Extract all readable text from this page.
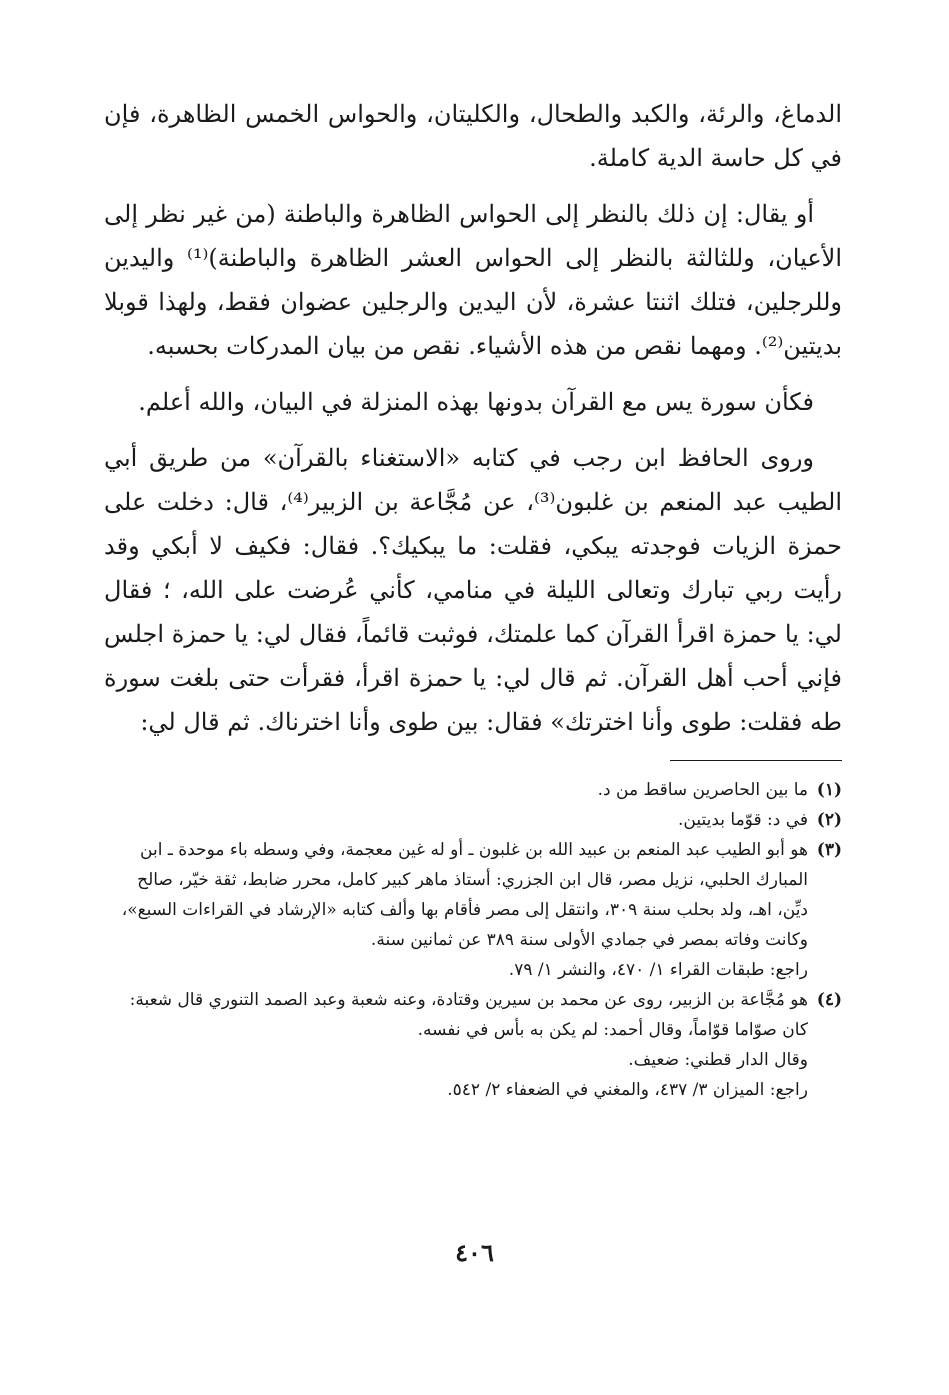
الدماغ، والرئة، والكبد والطحال، والكليتان، والحواس الخمس الظاهرة، فإن في كل حاسة الدية كاملة.

أو يقال: إن ذلك بالنظر إلى الحواس الظاهرة والباطنة (من غير نظر إلى الأعيان، وللثالثة بالنظر إلى الحواس العشر الظاهرة والباطنة)⁽¹⁾ واليدين وللرجلين، فتلك اثنتا عشرة، لأن اليدين والرجلين عضوان فقط، ولهذا قوبلا بديتين⁽²⁾. ومهما نقص من هذه الأشياء. نقص من بيان المدركات بحسبه.

فكأن سورة يس مع القرآن بدونها بهذه المنزلة في البيان، والله أعلم.

وروى الحافظ ابن رجب في كتابه «الاستغناء بالقرآن» من طريق أبي الطيب عبد المنعم بن غلبون⁽³⁾، عن مُجَّاعة بن الزبير⁽⁴⁾، قال: دخلت على حمزة الزيات فوجدته يبكي، فقلت: ما يبكيك؟. فقال: فكيف لا أبكي وقد رأيت ربي تبارك وتعالى الليلة في منامي، كأني عُرضت على الله، ؛ فقال لي: يا حمزة اقرأ القرآن كما علمتك، فوثبت قائماً، فقال لي: يا حمزة اجلس فإني أحب أهل القرآن. ثم قال لي: يا حمزة اقرأ، فقرأت حتى بلغت سورة طه فقلت: طوى وأنا اخترتك» فقال: بين طوى وأنا اخترناك. ثم قال لي:

(١)
ما بين الحاصرين ساقط من د.
(٢)
في د: قوّما بديتين.
(٣)
هو أبو الطيب عبد المنعم بن عبيد الله بن غلبون ـ أو له غين معجمة، وفي وسطه باء موحدة ـ ابن المبارك الحلبي، نزيل مصر، قال ابن الجزري: أستاذ ماهر كبير كامل، محرر ضابط، ثقة خيّر، صالح ديِّن، اهـ، ولد بحلب سنة ٣٠٩، وانتقل إلى مصر فأقام بها وألف كتابه «الإرشاد في القراءات السبع»، وكانت وفاته بمصر في جمادي الأولى سنة ٣٨٩ عن ثمانين سنة.
راجع: طبقات القراء ١/ ٤٧٠، والنشر ١/ ٧٩.
(٤)
هو مُجَّاعة بن الزبير، روى عن محمد بن سيرين وقتادة، وعنه شعبة وعبد الصمد التنوري قال شعبة: كان صوّاما قوّاماً، وقال أحمد: لم يكن به بأس في نفسه.
وقال الدار قطني: ضعيف.
راجع: الميزان ٣/ ٤٣٧، والمغني في الضعفاء ٢/ ٥٤٢.
٤٠٦
